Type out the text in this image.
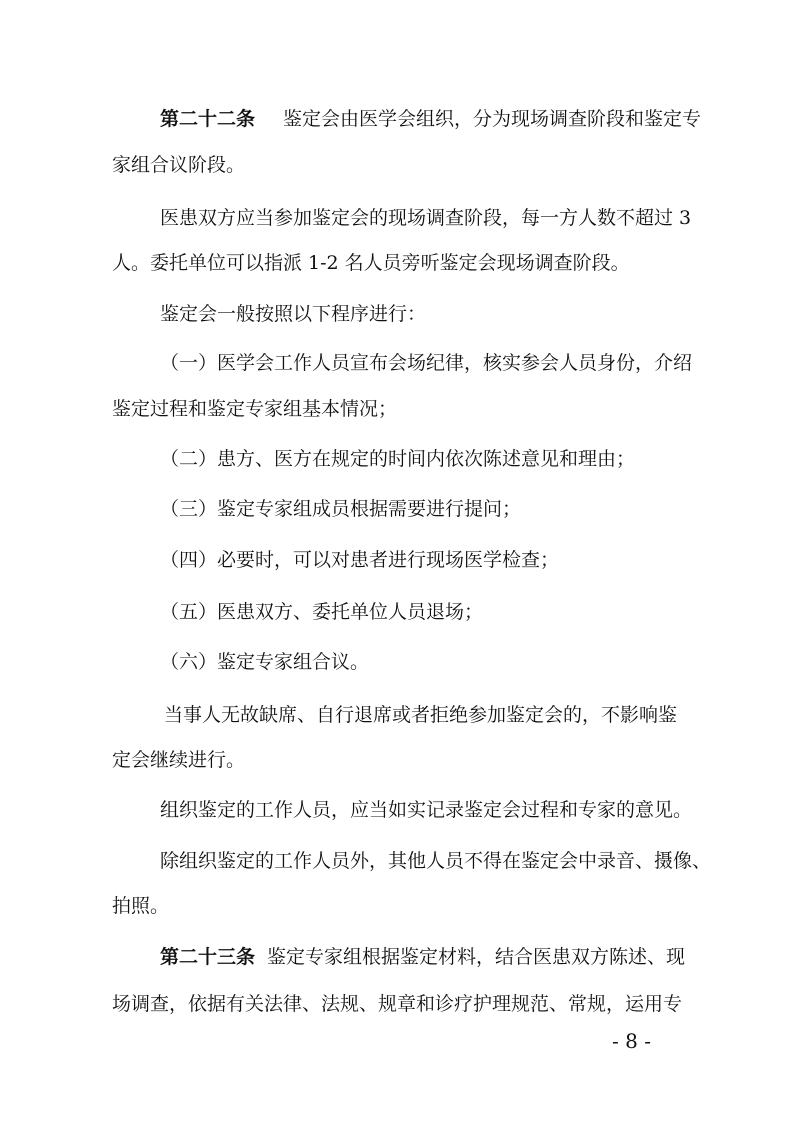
第二十二条 鉴定会由医学会组织，分为现场调查阶段和鉴定专
家组合议阶段。
医患双方应当参加鉴定会的现场调查阶段，每一方人数不超过 3
人。委托单位可以指派 1-2 名人员旁听鉴定会现场调查阶段。
鉴定会一般按照以下程序进行：
（一）医学会工作人员宣布会场纪律，核实参会人员身份，介绍
鉴定过程和鉴定专家组基本情况；
（二）患方、医方在规定的时间内依次陈述意见和理由；
（三）鉴定专家组成员根据需要进行提问；
（四）必要时，可以对患者进行现场医学检查；
（五）医患双方、委托单位人员退场；
（六）鉴定专家组合议。
当事人无故缺席、自行退席或者拒绝参加鉴定会的，不影响鉴
定会继续进行。
组织鉴定的工作人员，应当如实记录鉴定会过程和专家的意见。
除组织鉴定的工作人员外，其他人员不得在鉴定会中录音、摄像、
拍照。
第二十三条 鉴定专家组根据鉴定材料，结合医患双方陈述、现
场调查，依据有关法律、法规、规章和诊疗护理规范、常规，运用专
- 8 -
